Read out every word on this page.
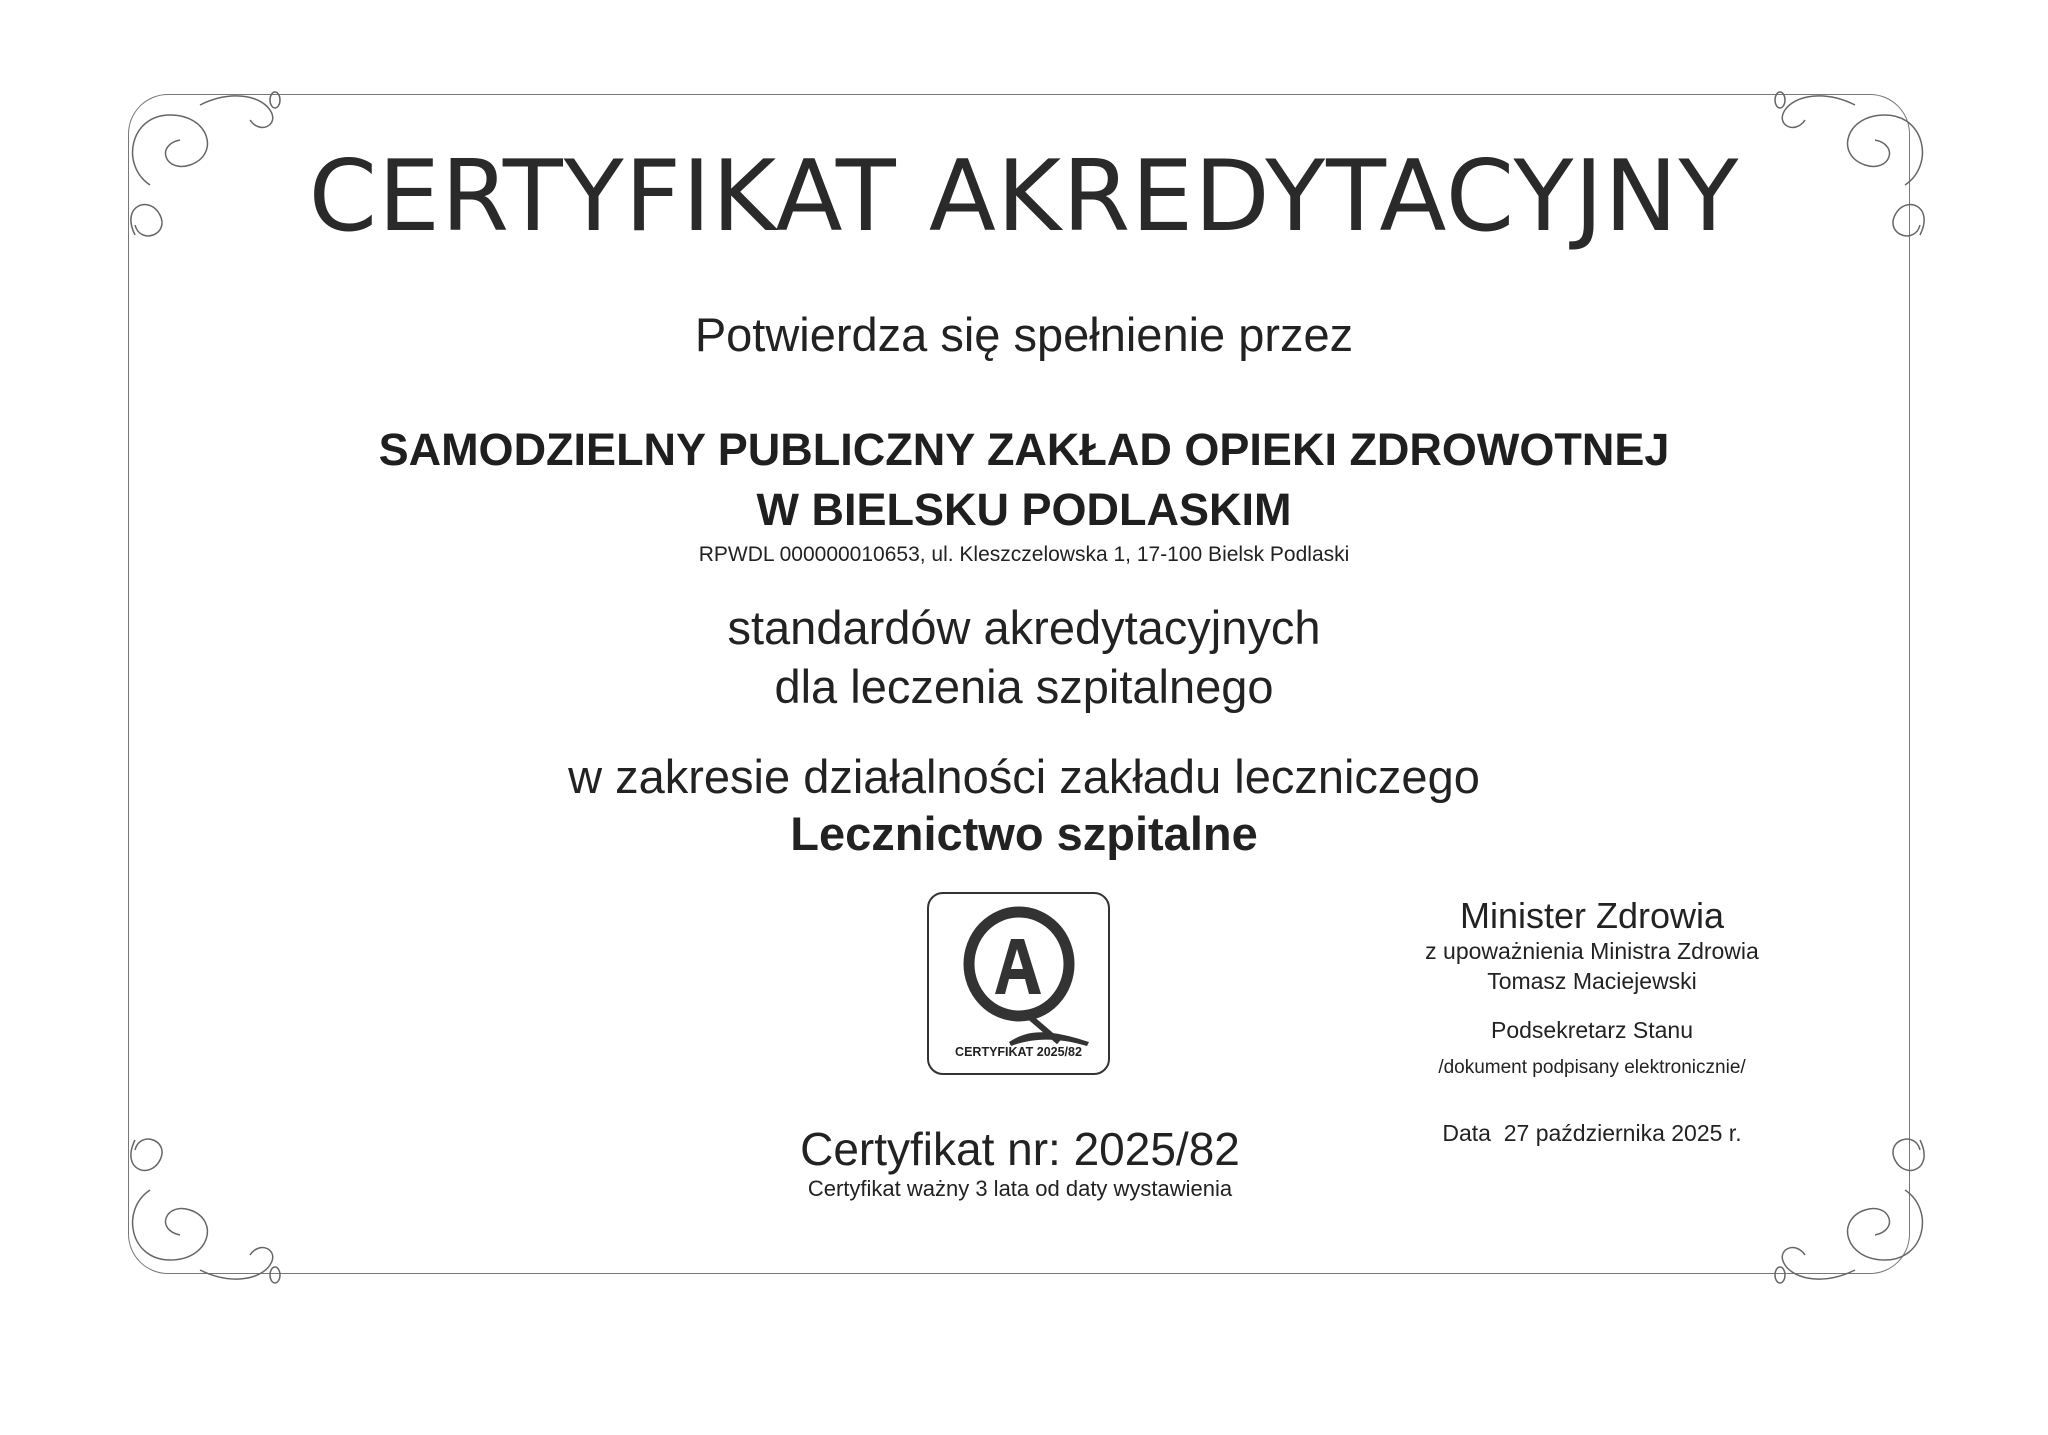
CERTYFIKAT AKREDYTACYJNY
Potwierdza się spełnienie przez
SAMODZIELNY PUBLICZNY ZAKŁAD OPIEKI ZDROWOTNEJ
W BIELSKU PODLASKIM
RPWDL 000000010653, ul. Kleszczelowska 1, 17-100 Bielsk Podlaski
standardów akredytacyjnych
dla leczenia szpitalnego
w zakresie działalności zakładu leczniczego
Lecznictwo szpitalne
CERTYFIKAT 2025/82
Certyfikat nr: 2025/82
Certyfikat ważny 3 lata od daty wystawienia
Minister Zdrowia
z upoważnienia Ministra Zdrowia
Tomasz Maciejewski
Podsekretarz Stanu
/dokument podpisany elektronicznie/
Data  27 października 2025 r.
